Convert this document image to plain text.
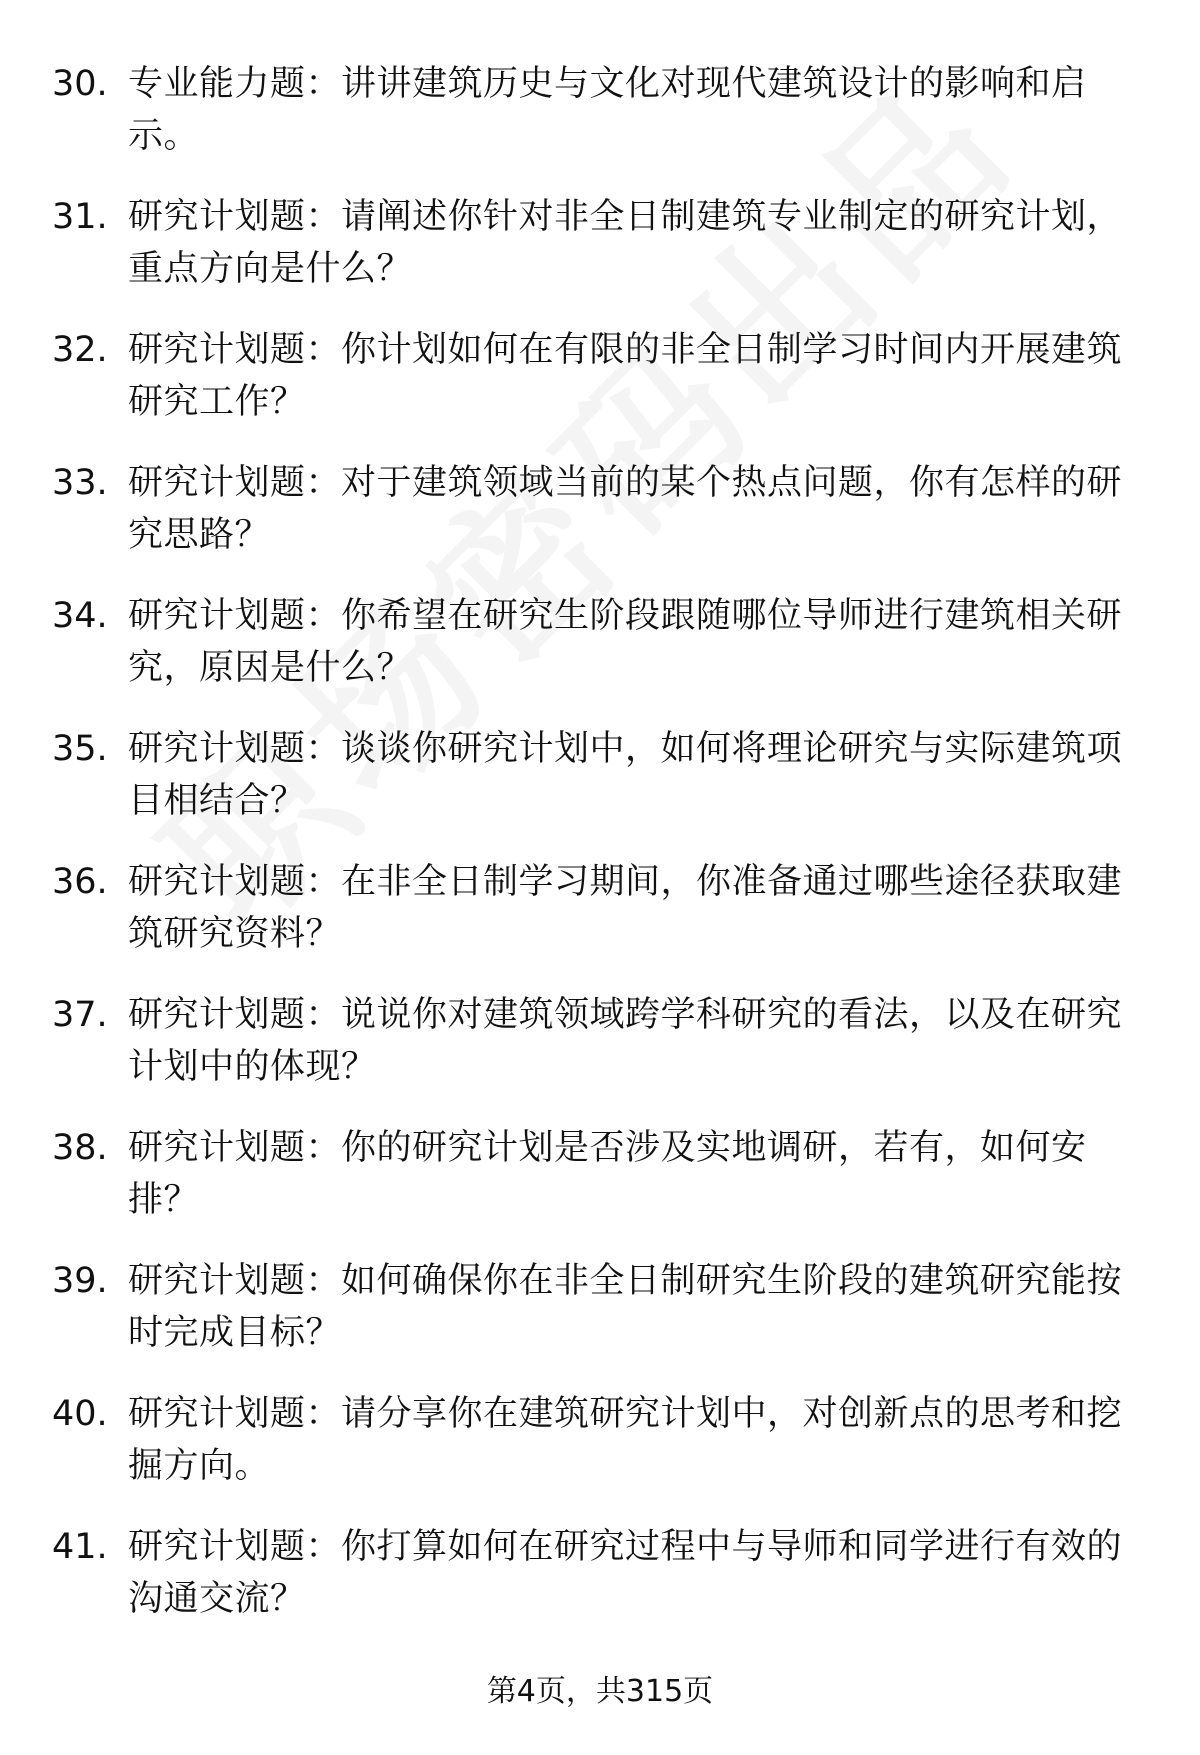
30. 专业能力题：讲讲建筑历史与文化对现代建筑设计的影响和启示。
31. 研究计划题：请阐述你针对非全日制建筑专业制定的研究计划，重点方向是什么？
32. 研究计划题：你计划如何在有限的非全日制学习时间内开展建筑研究工作？
33. 研究计划题：对于建筑领域当前的某个热点问题，你有怎样的研究思路？
34. 研究计划题：你希望在研究生阶段跟随哪位导师进行建筑相关研究，原因是什么？
35. 研究计划题：谈谈你研究计划中，如何将理论研究与实际建筑项目相结合？
36. 研究计划题：在非全日制学习期间，你准备通过哪些途径获取建筑研究资料？
37. 研究计划题：说说你对建筑领域跨学科研究的看法，以及在研究计划中的体现？
38. 研究计划题：你的研究计划是否涉及实地调研，若有，如何安排？
39. 研究计划题：如何确保你在非全日制研究生阶段的建筑研究能按时完成目标？
40. 研究计划题：请分享你在建筑研究计划中，对创新点的思考和挖掘方向。
41. 研究计划题：你打算如何在研究过程中与导师和同学进行有效的沟通交流？
第4页，共315页
